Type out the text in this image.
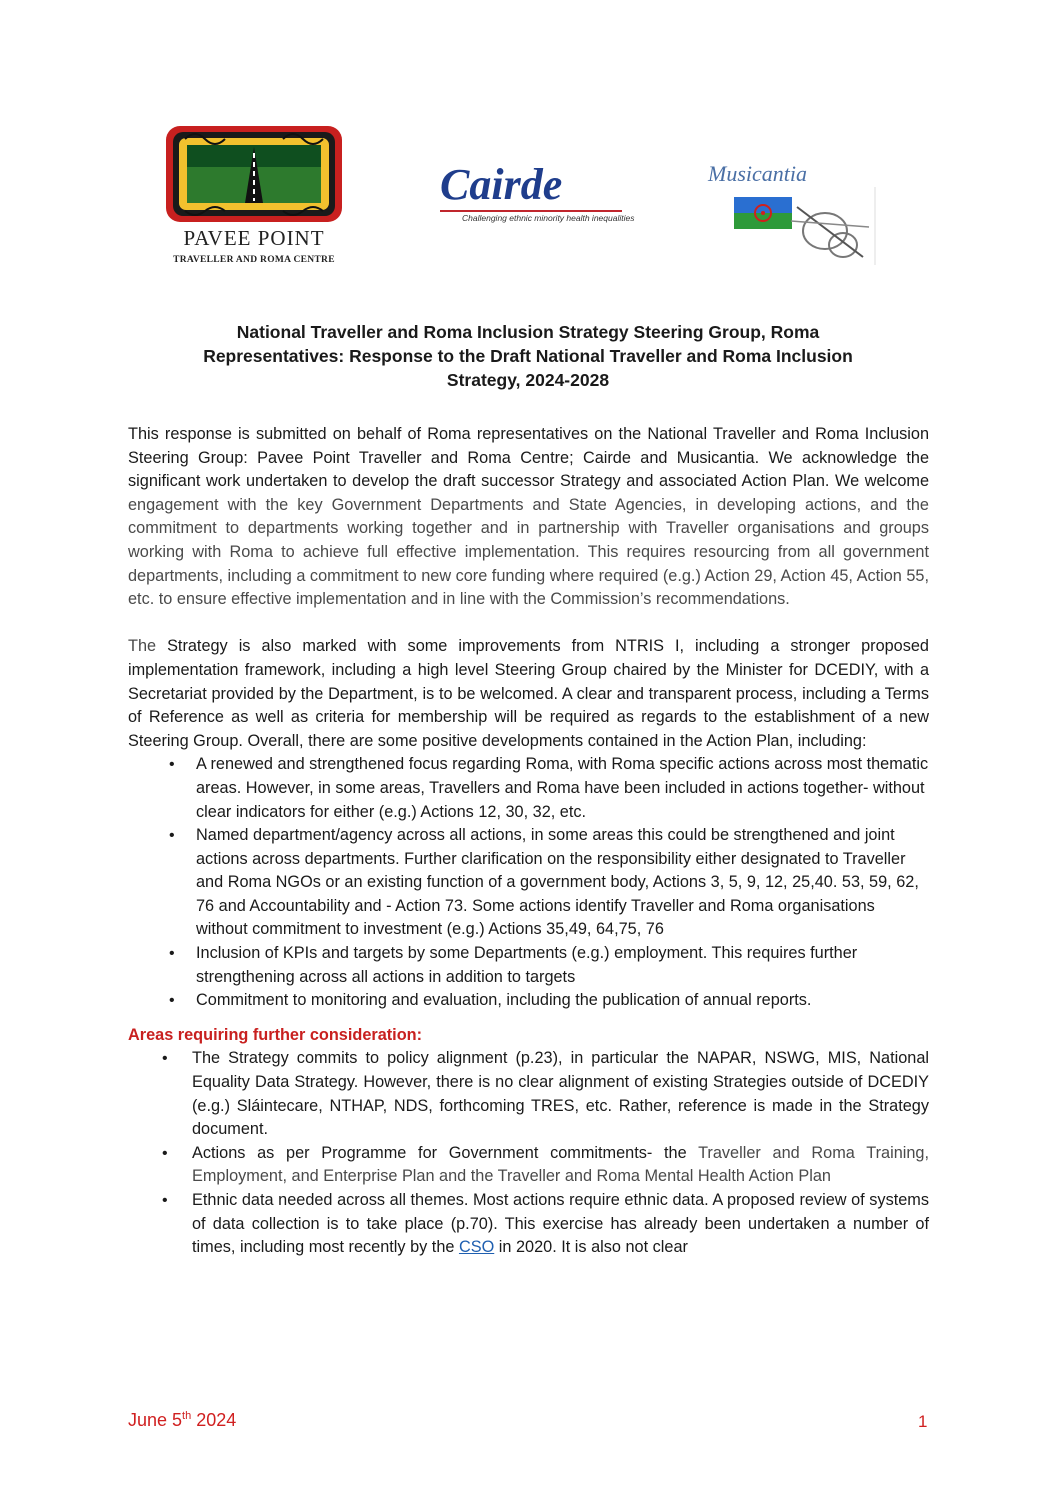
PAVEE POINT
TRAVELLER AND ROMA CENTRE
Cairde
Challenging ethnic minority health inequalities
Musicantia
National Traveller and Roma Inclusion Strategy Steering Group, Roma
Representatives: Response to the Draft National Traveller and Roma Inclusion
Strategy, 2024-2028

This response is submitted on behalf of Roma representatives on the National Traveller and Roma Inclusion Steering Group: Pavee Point Traveller and Roma Centre; Cairde and Musicantia. We acknowledge the significant work undertaken to develop the draft successor Strategy and associated Action Plan. We welcome engagement with the key Government Departments and State Agencies, in developing actions, and the commitment to departments working together and in partnership with Traveller organisations and groups working with Roma to achieve full effective implementation. This requires resourcing from all government departments, including a commitment to new core funding where required (e.g.) Action 29, Action 45, Action 55, etc. to ensure effective implementation and in line with the Commission’s recommendations.

The Strategy is also marked with some improvements from NTRIS I, including a stronger proposed implementation framework, including a high level Steering Group chaired by the Minister for DCEDIY, with a Secretariat provided by the Department, is to be welcomed. A clear and transparent process, including a Terms of Reference as well as criteria for membership will be required as regards to the establishment of a new Steering Group. Overall, there are some positive developments contained in the Action Plan, including:

• A renewed and strengthened focus regarding Roma, with Roma specific actions across most thematic areas. However, in some areas, Travellers and Roma have been included in actions together- without clear indicators for either (e.g.) Actions 12, 30, 32, etc.
• Named department/agency across all actions, in some areas this could be strengthened and joint actions across departments. Further clarification on the responsibility either designated to Traveller and Roma NGOs or an existing function of a government body, Actions 3, 5, 9, 12, 25,40. 53, 59, 62, 76 and Accountability and - Action 73. Some actions identify Traveller and Roma organisations without commitment to investment (e.g.) Actions 35,49, 64,75, 76
• Inclusion of KPIs and targets by some Departments (e.g.) employment. This requires further strengthening across all actions in addition to targets
• Commitment to monitoring and evaluation, including the publication of annual reports.
Areas requiring further consideration:
• The Strategy commits to policy alignment (p.23), in particular the NAPAR, NSWG, MIS, National Equality Data Strategy. However, there is no clear alignment of existing Strategies outside of DCEDIY (e.g.) Sláintecare, NTHAP, NDS, forthcoming TRES, etc. Rather, reference is made in the Strategy document.
• Actions as per Programme for Government commitments- the Traveller and Roma Training, Employment, and Enterprise Plan and the Traveller and Roma Mental Health Action Plan
• Ethnic data needed across all themes. Most actions require ethnic data. A proposed review of systems of data collection is to take place (p.70). This exercise has already been undertaken a number of times, including most recently by the CSO in 2020. It is also not clear
June 5th 2024	1
